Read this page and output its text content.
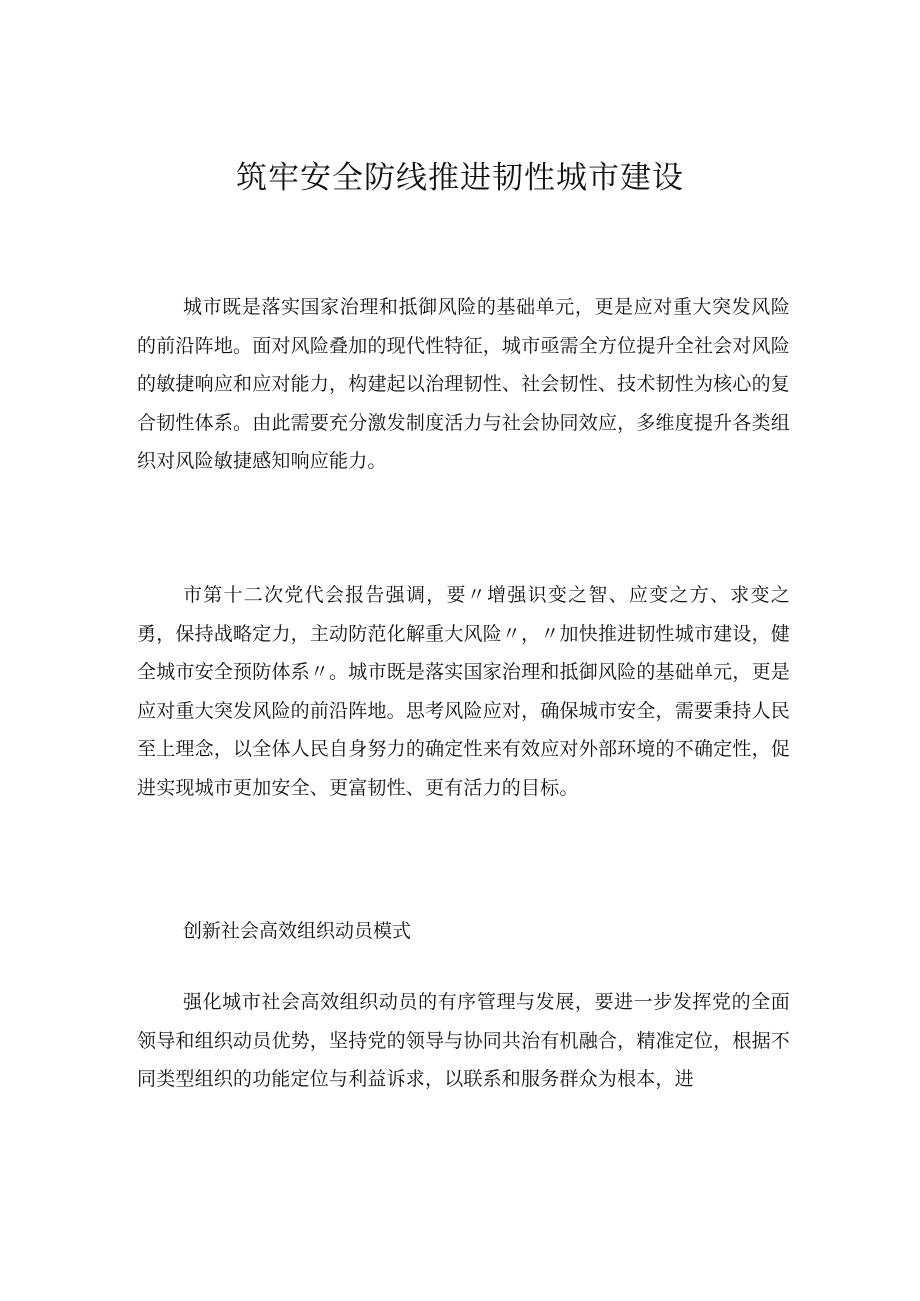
筑牢安全防线推进韧性城市建设

城市既是落实国家治理和抵御风险的基础单元，更是应对重大突发风险的前沿阵地。面对风险叠加的现代性特征，城市亟需全方位提升全社会对风险的敏捷响应和应对能力，构建起以治理韧性、社会韧性、技术韧性为核心的复合韧性体系。由此需要充分激发制度活力与社会协同效应，多维度提升各类组织对风险敏捷感知响应能力。

市第十二次党代会报告强调，要〃增强识变之智、应变之方、求变之勇，保持战略定力，主动防范化解重大风险〃，〃加快推进韧性城市建设，健全城市安全预防体系〃。城市既是落实国家治理和抵御风险的基础单元，更是应对重大突发风险的前沿阵地。思考风险应对，确保城市安全，需要秉持人民至上理念，以全体人民自身努力的确定性来有效应对外部环境的不确定性，促进实现城市更加安全、更富韧性、更有活力的目标。

创新社会高效组织动员模式

强化城市社会高效组织动员的有序管理与发展，要进一步发挥党的全面领导和组织动员优势，坚持党的领导与协同共治有机融合，精准定位，根据不同类型组织的功能定位与利益诉求，以联系和服务群众为根本，进
